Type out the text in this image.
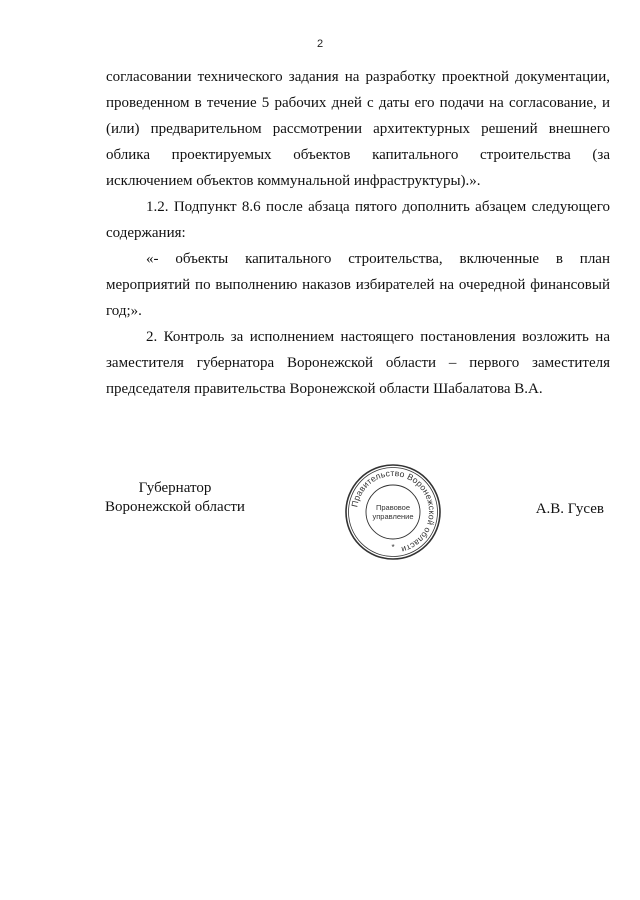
2

согласовании технического задания на разработку проектной документации, проведенном в течение 5 рабочих дней с даты его подачи на согласование, и (или) предварительном рассмотрении архитектурных решений внешнего облика проектируемых объектов капитального строительства (за исключением объектов коммунальной инфраструктуры).».

1.2. Подпункт 8.6 после абзаца пятого дополнить абзацем следующего содержания:

«- объекты капитального строительства, включенные в план мероприятий по выполнению наказов избирателей на очередной финансовый год;».

2. Контроль за исполнением настоящего постановления возложить на заместителя губернатора Воронежской области – первого заместителя председателя правительства Воронежской области Шабалатова В.А.

Губернатор
Воронежской области	Правительство Воронежской области
Правовое
управление
*
А.В. Гусев
